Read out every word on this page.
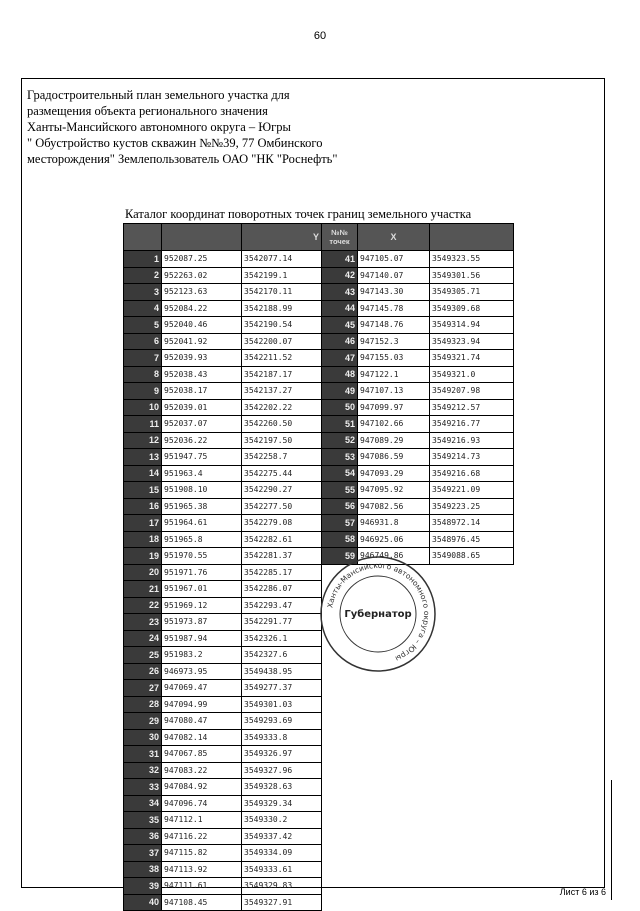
60
Градостроительный план земельного участка для
размещения объекта регионального значения
Ханты-Мансийского автономного округа – Югры
" Обустройство кустов скважин №№39, 77 Омбинского
месторождения" Землепользователь ОАО "НК "Роснефть"
Каталог координат поворотных точек границ земельного участка
		Y
1	952087.25	3542077.14
2	952263.02	3542199.1
3	952123.63	3542170.11
4	952084.22	3542188.99
5	952040.46	3542190.54
6	952041.92	3542200.07
7	952039.93	3542211.52
8	952038.43	3542187.17
9	952038.17	3542137.27
10	952039.01	3542202.22
11	952037.07	3542260.50
12	952036.22	3542197.50
13	951947.75	3542258.7
14	951963.4	3542275.44
15	951908.10	3542290.27
16	951965.38	3542277.50
17	951964.61	3542279.08
18	951965.8	3542282.61
19	951970.55	3542281.37
20	951971.76	3542285.17
21	951967.01	3542286.07
22	951969.12	3542293.47
23	951973.87	3542291.77
24	951987.94	3542326.1
25	951983.2	3542327.6
26	946973.95	3549438.95
27	947069.47	3549277.37
28	947094.99	3549301.03
29	947080.47	3549293.69
30	947082.14	3549333.8
31	947067.85	3549326.97
32	947083.22	3549327.96
33	947084.92	3549328.63
34	947096.74	3549329.34
35	947112.1	3549330.2
36	947116.22	3549337.42
37	947115.82	3549334.09
38	947113.92	3549333.61
39	947111.61	3549329.83
40	947108.45	3549327.91
№№ точек	X	
41	947105.07	3549323.55
42	947140.07	3549301.56
43	947143.30	3549305.71
44	947145.78	3549309.68
45	947148.76	3549314.94
46	947152.3	3549323.94
47	947155.03	3549321.74
48	947122.1	3549321.0
49	947107.13	3549207.98
50	947099.97	3549212.57
51	947102.66	3549216.77
52	947089.29	3549216.93
53	947086.59	3549214.73
54	947093.29	3549216.68
55	947095.92	3549221.09
56	947082.56	3549223.25
57	946931.8	3548972.14
58	946925.06	3548976.45
59	946749.86	3549088.65
Ханты-Мансийского автономного округа – Югры
Губернатор
Лист 6 из 6
